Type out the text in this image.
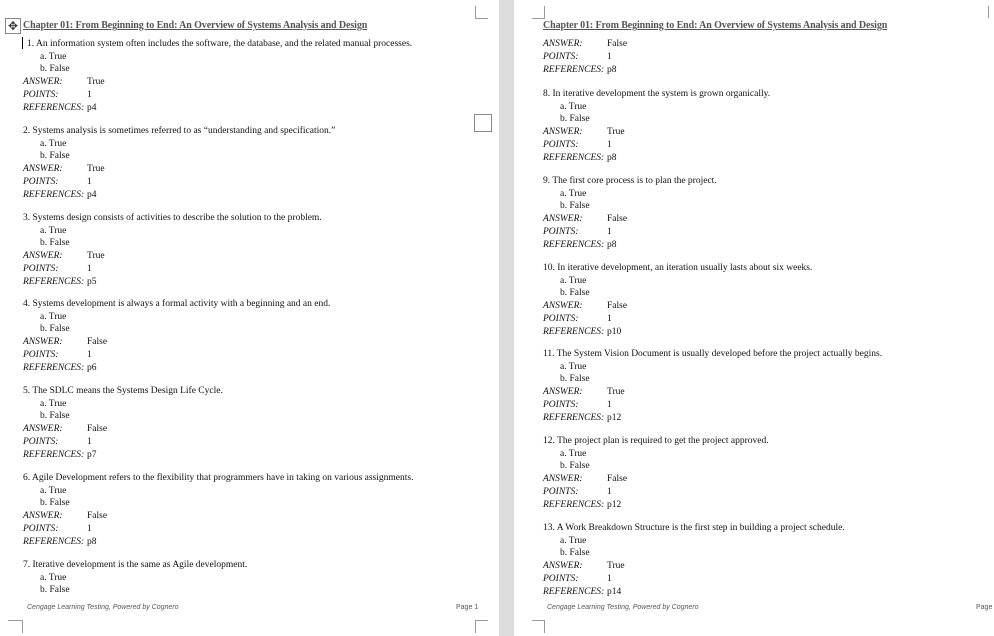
✥ Chapter 01: From Beginning to End: An Overview of Systems Analysis and Design
1. An information system often includes the software, the database, and the related manual processes.
a. True
b. False
ANSWER:	True
POINTS:	1
REFERENCES: p4
2. Systems analysis is sometimes referred to as “understanding and specification.”
a. True
b. False
ANSWER:	True
POINTS:	1
REFERENCES: p4
3. Systems design consists of activities to describe the solution to the problem.
a. True
b. False
ANSWER:	True
POINTS:	1
REFERENCES: p5
4. Systems development is always a formal activity with a beginning and an end.
a. True
b. False
ANSWER:	False
POINTS:	1
REFERENCES: p6
5. The SDLC means the Systems Design Life Cycle.
a. True
b. False
ANSWER:	False
POINTS:	1
REFERENCES: p7
6. Agile Development refers to the flexibility that programmers have in taking on various assignments.
a. True
b. False
ANSWER:	False
POINTS:	1
REFERENCES: p8
7. Iterative development is the same as Agile development.
a. True
b. False
Cengage Learning Testing, Powered by Cognero	Page 1
Chapter 01: From Beginning to End: An Overview of Systems Analysis and Design
ANSWER:	False
POINTS:	1
REFERENCES: p8
8. In iterative development the system is grown organically.
a. True
b. False
ANSWER:	True
POINTS:	1
REFERENCES: p8
9. The first core process is to plan the project.
a. True
b. False
ANSWER:	False
POINTS:	1
REFERENCES: p8
10. In iterative development, an iteration usually lasts about six weeks.
a. True
b. False
ANSWER:	False
POINTS:	1
REFERENCES: p10
11. The System Vision Document is usually developed before the project actually begins.
a. True
b. False
ANSWER:	True
POINTS:	1
REFERENCES: p12
12. The project plan is required to get the project approved.
a. True
b. False
ANSWER:	False
POINTS:	1
REFERENCES: p12
13. A Work Breakdown Structure is the first step in building a project schedule.
a. True
b. False
ANSWER:	True
POINTS:	1
REFERENCES: p14
Cengage Learning Testing, Powered by Cognero	Page
